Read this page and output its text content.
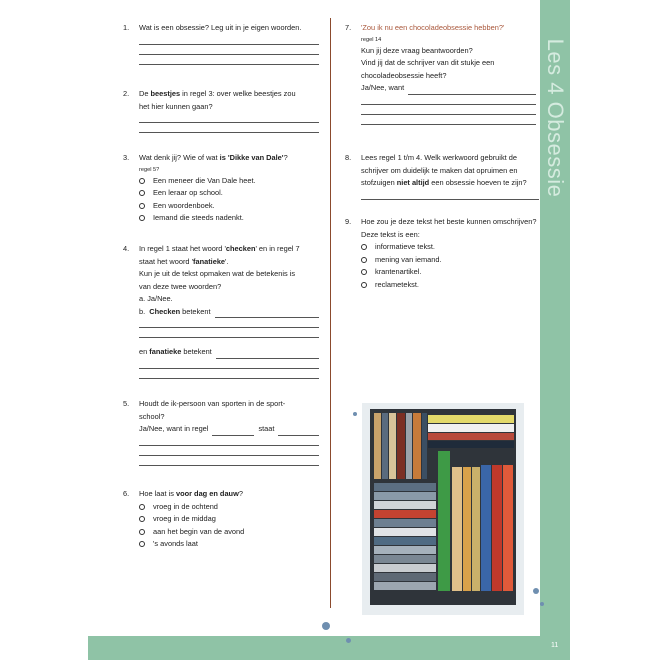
Les 4 Obsessie
11
1.	Wat is een obsessie? Leg uit in je eigen woorden.
2.	De beestjes in regel 3: over welke beestjes zou
het hier kunnen gaan?
3.	Wat denk jij? Wie of wat is 'Dikke van Dale'?
regel 5?
Een meneer die Van Dale heet.
Een leraar op school.
Een woordenboek.
Iemand die steeds nadenkt.
4.	In regel 1 staat het woord 'checken' en in regel 7
staat het woord 'fanatieke'.
Kun je uit de tekst opmaken wat de betekenis is
van deze twee woorden?
a. Ja/Nee.
b.  Checken betekent
en fanatieke betekent
5.	Houdt de ik-persoon van sporten in de sport-
school?
Ja/Nee, want in regel	staat
6.	Hoe laat is voor dag en dauw?
vroeg in de ochtend
vroeg in de middag
aan het begin van de avond
's avonds laat
7.	'Zou ik nu een chocoladeobsessie hebben?'
regel 14
Kun jij deze vraag beantwoorden?
Vind jij dat de schrijver van dit stukje een
chocoladeobsessie heeft?
Ja/Nee, want
8.	Lees regel 1 t/m 4. Welk werkwoord gebruikt de
schrijver om duidelijk te maken dat opruimen en
stofzuigen niet altijd een obsessie hoeven te zijn?
9.	Hoe zou je deze tekst het beste kunnen omschrijven?
Deze tekst is een:
informatieve tekst.
mening van iemand.
krantenartikel.
reclametekst.
